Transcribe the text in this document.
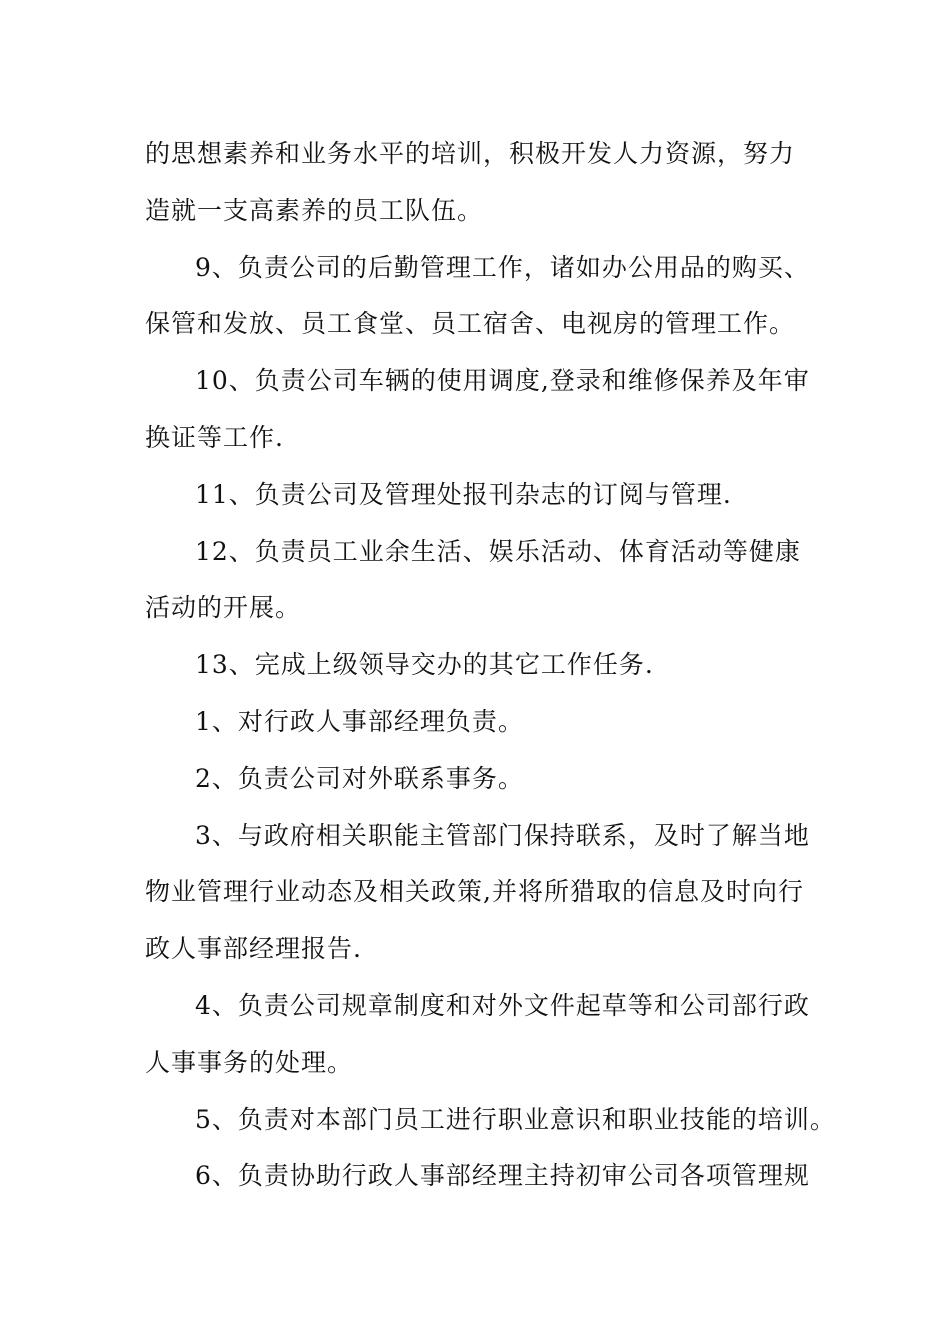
的思想素养和业务水平的培训，积极开发人力资源，努力
造就一支高素养的员工队伍。
9、负责公司的后勤管理工作，诸如办公用品的购买、
保管和发放、员工食堂、员工宿舍、电视房的管理工作。
10、负责公司车辆的使用调度,登录和维修保养及年审
换证等工作.
11、负责公司及管理处报刊杂志的订阅与管理.
12、负责员工业余生活、娱乐活动、体育活动等健康
活动的开展。
13、完成上级领导交办的其它工作任务.
1、对行政人事部经理负责。
2、负责公司对外联系事务。
3、与政府相关职能主管部门保持联系，及时了解当地
物业管理行业动态及相关政策,并将所猎取的信息及时向行
政人事部经理报告.
4、负责公司规章制度和对外文件起草等和公司部行政
人事事务的处理。
5、负责对本部门员工进行职业意识和职业技能的培训。
6、负责协助行政人事部经理主持初审公司各项管理规
